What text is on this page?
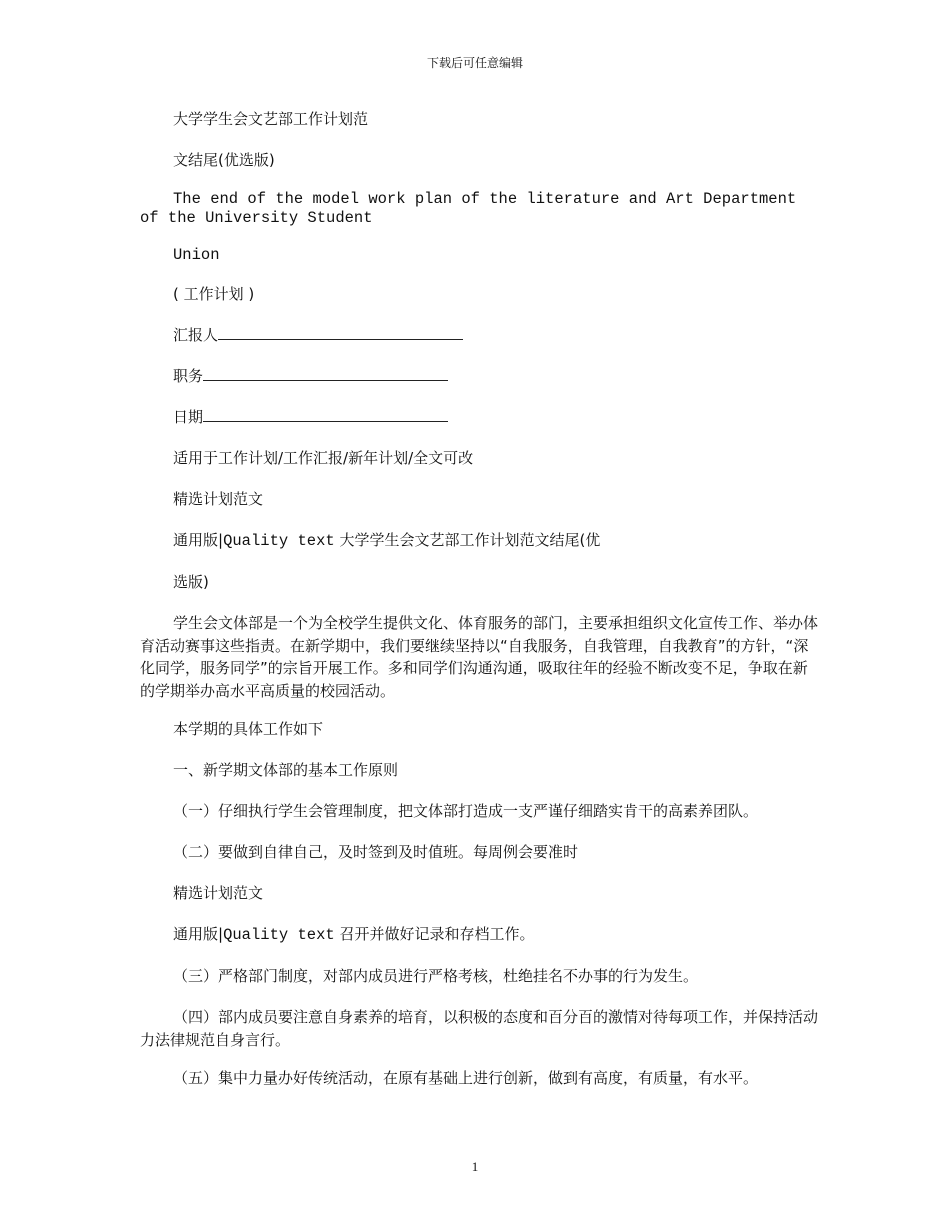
下载后可任意编辑

大学学生会文艺部工作计划范

文结尾(优选版)

The end of the model work plan of the literature and Art Department of the University Student

Union

( 工作计划 )

汇报人

职务

日期

适用于工作计划/工作汇报/新年计划/全文可改

精选计划范文

通用版|Quality text 大学学生会文艺部工作计划范文结尾(优

选版)

学生会文体部是一个为全校学生提供文化、体育服务的部门，主要承担组织文化宣传工作、举办体育活动赛事这些指责。在新学期中，我们要继续坚持以“自我服务，自我管理，自我教育”的方针，“深化同学，服务同学”的宗旨开展工作。多和同学们沟通沟通，吸取往年的经验不断改变不足，争取在新的学期举办高水平高质量的校园活动。

本学期的具体工作如下

一、新学期文体部的基本工作原则

（一）仔细执行学生会管理制度，把文体部打造成一支严谨仔细踏实肯干的高素养团队。

（二）要做到自律自己，及时签到及时值班。每周例会要准时

精选计划范文

通用版|Quality text 召开并做好记录和存档工作。

（三）严格部门制度，对部内成员进行严格考核，杜绝挂名不办事的行为发生。

（四）部内成员要注意自身素养的培育，以积极的态度和百分百的激情对待每项工作，并保持活动力法律规范自身言行。

（五）集中力量办好传统活动，在原有基础上进行创新，做到有高度，有质量，有水平。

1
